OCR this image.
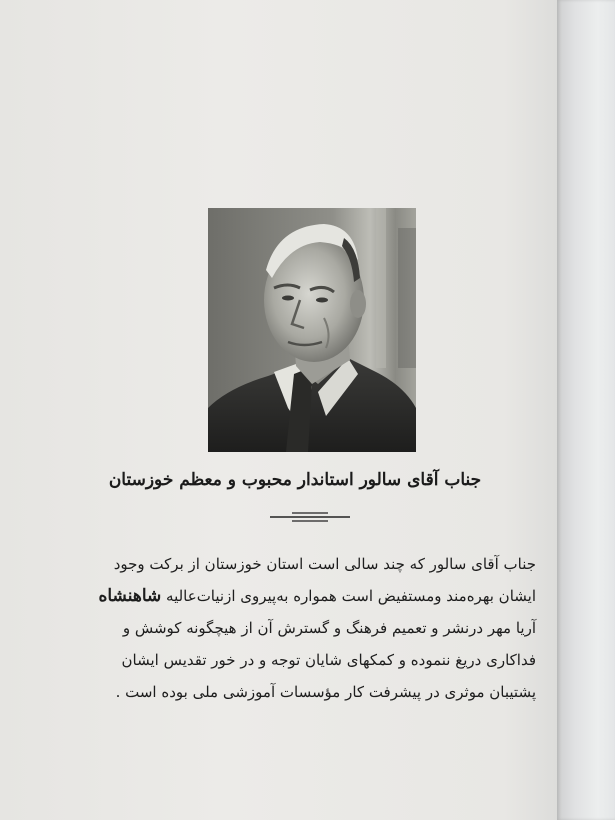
جناب آقای سالور استاندار محبوب و معظم خوزستان
جناب آقای سالور که چند سالی است استان خوزستان از برکت وجود
ایشان بهره‌مند ومستفیض است همواره به‌پیروی ازنیات‌عالیه شاهنشاه
آریا مهر درنشر و تعمیم فرهنگ و گسترش آن از هیچگونه کوشش و
فداکاری دریغ ننموده و کمکهای شایان توجه و در خور تقدیس ایشان
پشتیبان موثری در پیشرفت کار مؤسسات آموزشی ملی بوده است .
